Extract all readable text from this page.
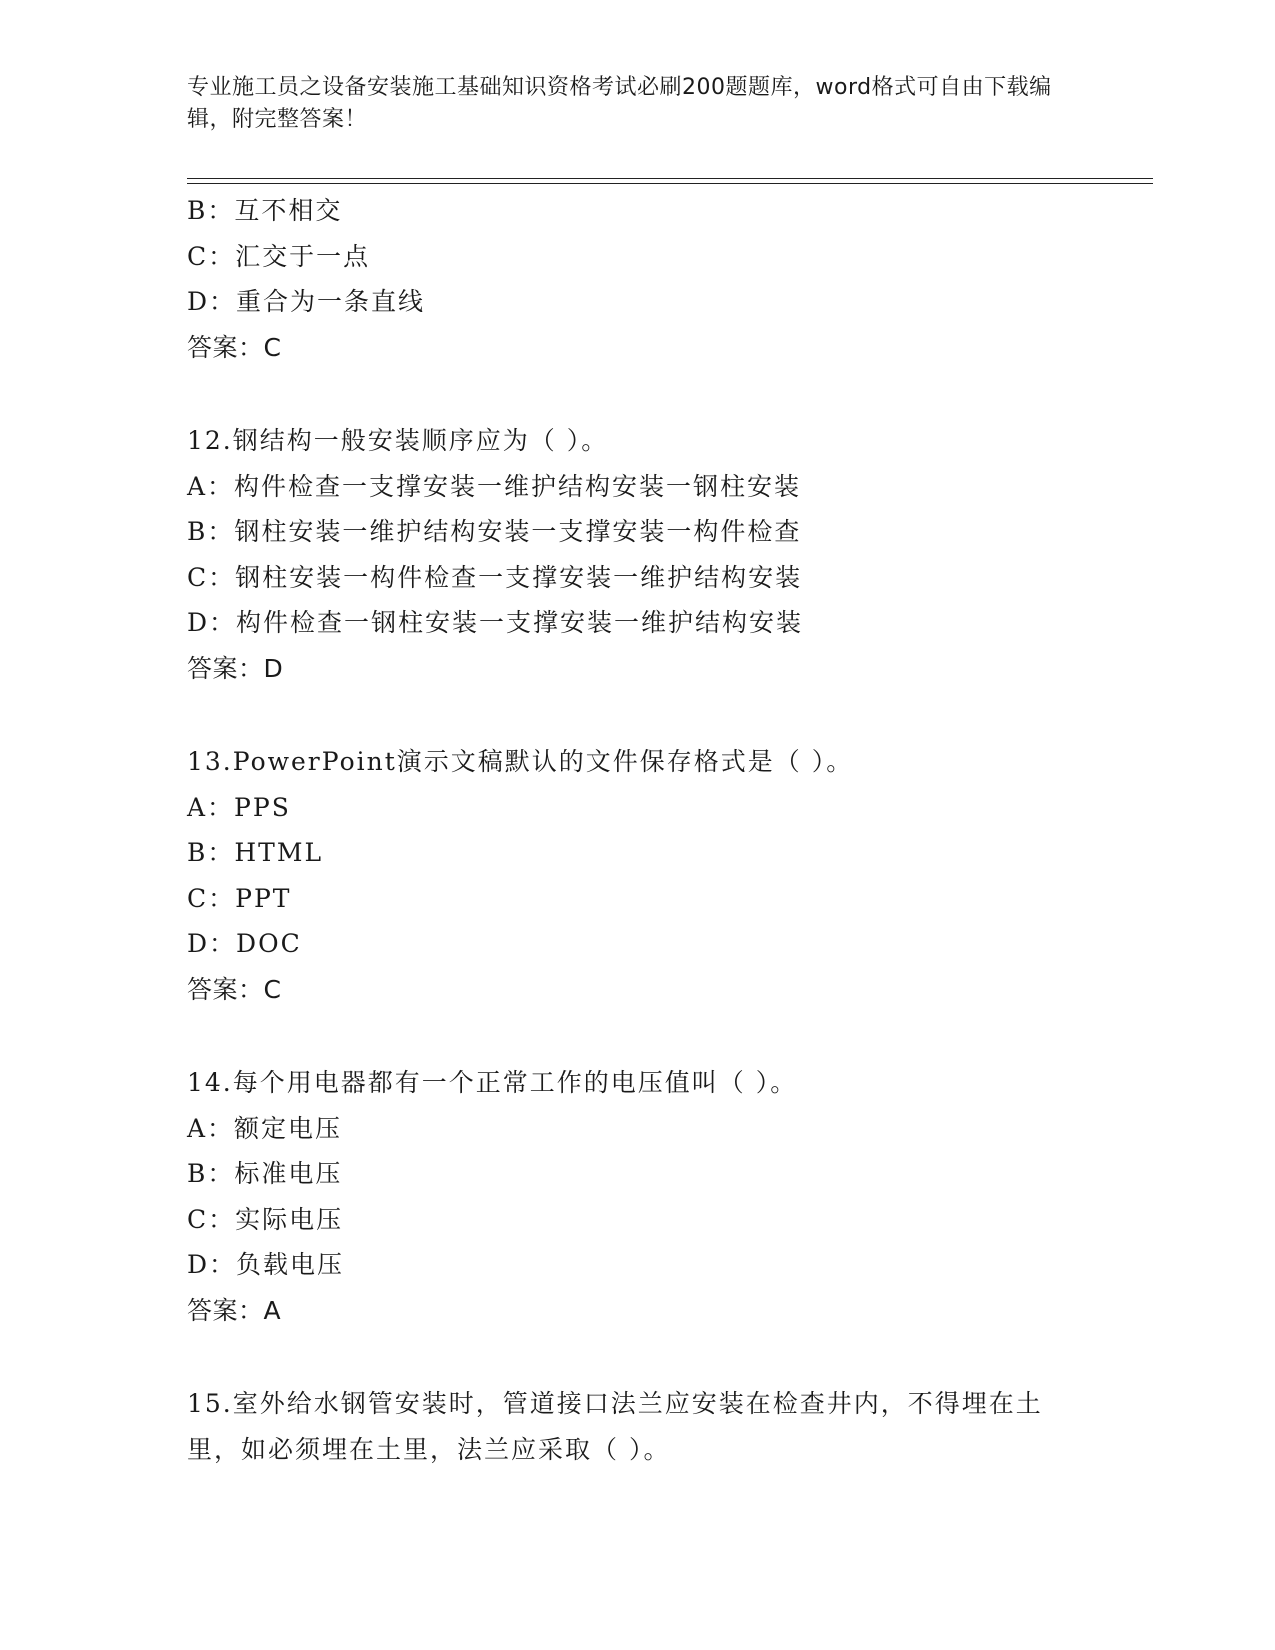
专业施工员之设备安装施工基础知识资格考试必刷200题题库，word格式可自由下载编辑，附完整答案！
B：互不相交
C：汇交于一点
D：重合为一条直线
答案：C
12.钢结构一般安装顺序应为（ ）。
A：构件检查一支撑安装一维护结构安装一钢柱安装
B：钢柱安装一维护结构安装一支撑安装一构件检查
C：钢柱安装一构件检查一支撑安装一维护结构安装
D：构件检查一钢柱安装一支撑安装一维护结构安装
答案：D
13.PowerPoint演示文稿默认的文件保存格式是（ ）。
A：PPS
B：HTML
C：PPT
D：DOC
答案：C
14.每个用电器都有一个正常工作的电压值叫（ ）。
A：额定电压
B：标准电压
C：实际电压
D：负载电压
答案：A
15.室外给水钢管安装时，管道接口法兰应安装在检查井内，不得埋在土里，如必须埋在土里，法兰应采取（ ）。
